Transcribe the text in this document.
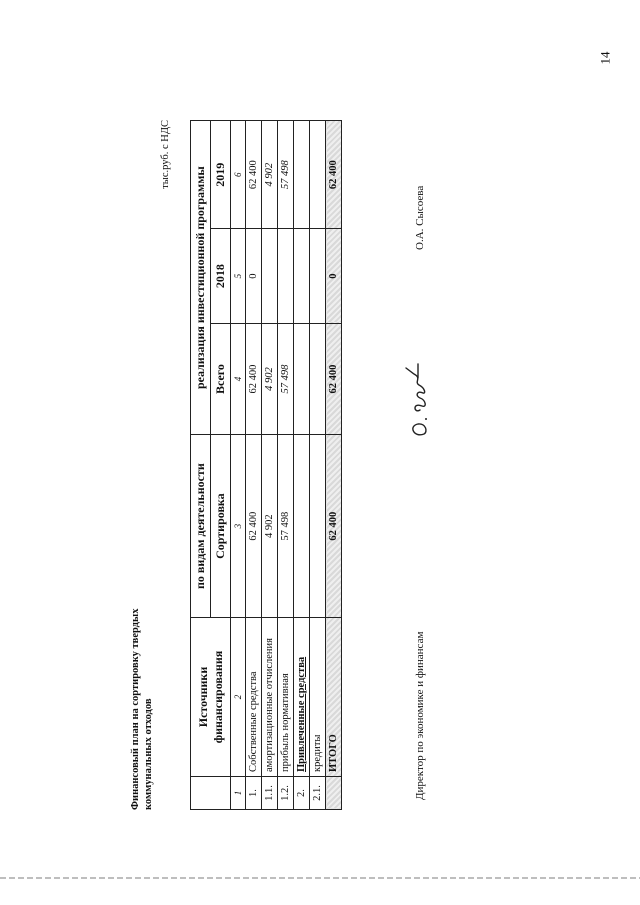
14
Финансовый план на сортировку твердых коммунальных отходов
тыс.руб. с НДС
	Источники финансирования	по видам деятельности	реализация инвестиционной программы		
		Сортировка	Всего	2018	2019
1	2	3	4	5	6
1.	Собственные средства	62 400	62 400	0	62 400
1.1.	амортизационные отчисления	4 902	4 902		4 902
1.2.	прибыль нормативная	57 498	57 498		57 498
2.	Привлеченные средства				
2.1.	кредиты				
	ИТОГО	62 400	62 400	0	62 400
Директор по экономике и финансам
О.А. Сысоева
